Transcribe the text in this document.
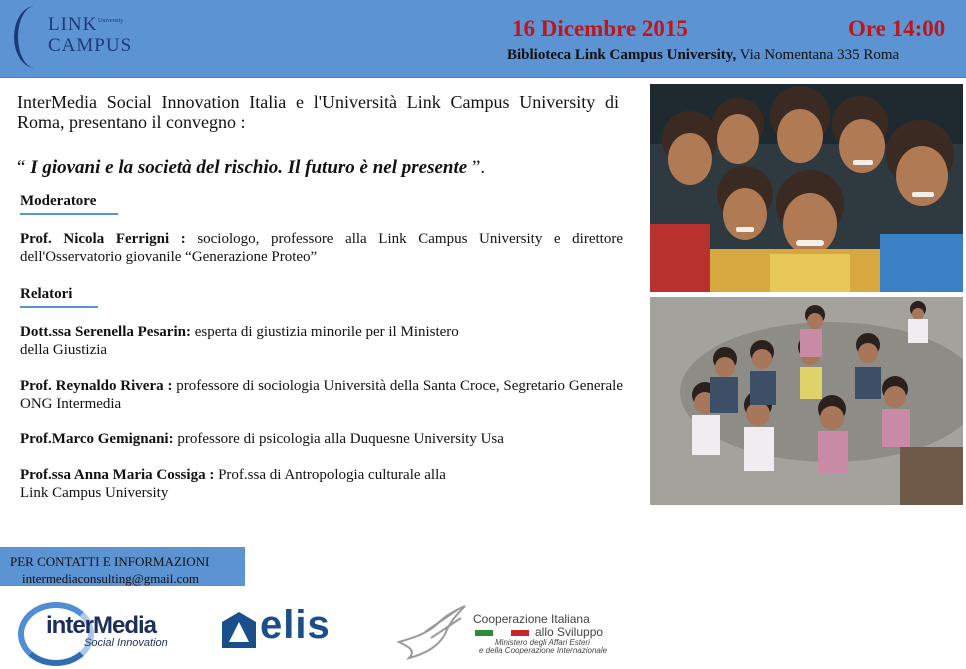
LINK University
CAMPUS
16 Dicembre 2015	Ore 14:00
Biblioteca Link Campus University, Via Nomentana 335 Roma
InterMedia Social Innovation Italia e l'Università Link Campus University di Roma, presentano il convegno :
“ I giovani e la società del rischio. Il futuro è nel presente ”.
Moderatore
Prof. Nicola Ferrigni : sociologo, professore alla Link Campus University e direttore dell'Osservatorio giovanile “Generazione Proteo”
Relatori
Dott.ssa Serenella Pesarin: esperta di giustizia minorile per il Ministero
della Giustizia
Prof. Reynaldo Rivera : professore di sociologia Università della Santa Croce, Segretario Generale ONG Intermedia
Prof.Marco Gemignani: professore di psicologia alla Duquesne University Usa
Prof.ssa Anna Maria Cossiga : Prof.ssa di Antropologia culturale alla
Link Campus University
PER CONTATTI E INFORMAZIONI
intermediaconsulting@gmail.com
interMedia
Social Innovation elis	Cooperazione Italiana
allo Sviluppo
Ministero degli Affari Esteri
e della Cooperazione Internazionale
